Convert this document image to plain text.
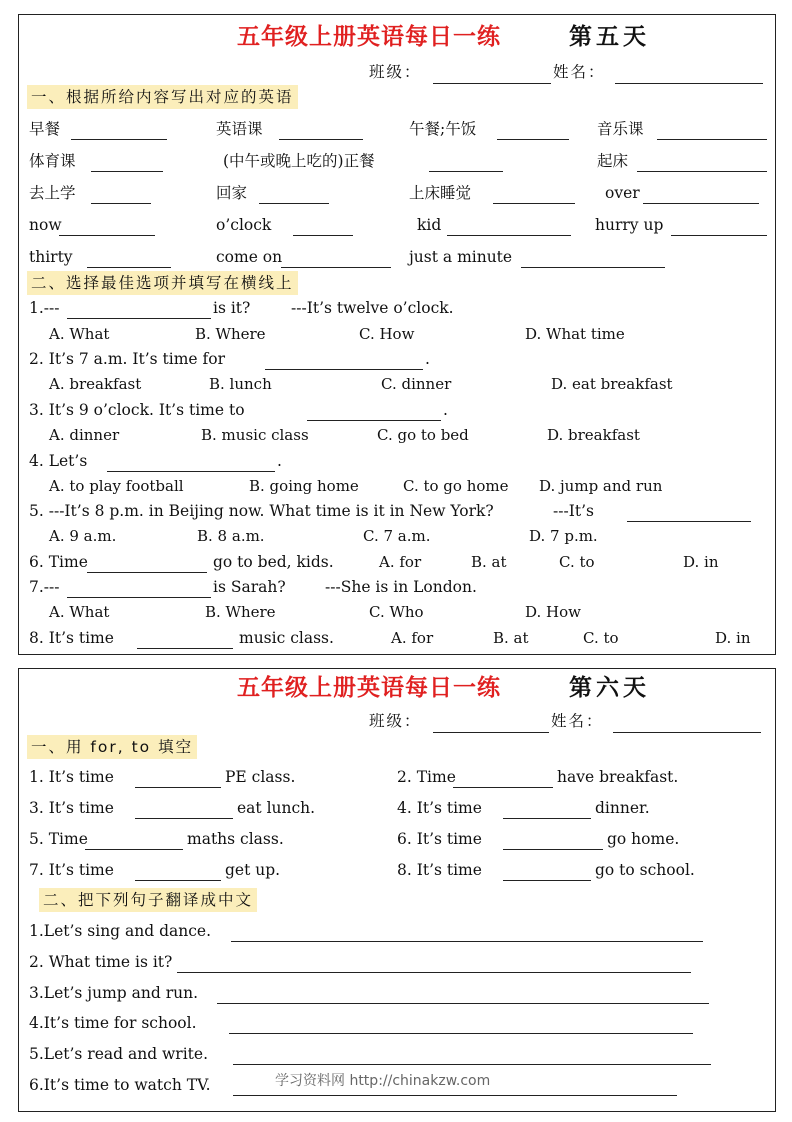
五年级上册英语每日一练	第五天
班级：	姓名：
一、根据所给内容写出对应的英语
早餐	英语课	午餐;午饭	音乐课
体育课	(中午或晚上吃的)正餐	起床
去上学	回家	上床睡觉	over
now	o’clock	kid	hurry up
thirty	come on	just a minute
二、选择最佳选项并填写在横线上
1.---	is it?	---It’s twelve o’clock.
A. What	B. Where	C. How	D. What time
2. It’s 7 a.m. It’s time for	.
A. breakfast	B. lunch	C. dinner	D. eat breakfast
3. It’s 9 o’clock. It’s time to	.
A. dinner	B. music class	C. go to bed	D. breakfast
4. Let’s	.
A. to play football	B. going home	C. to go home D. jump and run
5. ---It’s 8 p.m. in Beijing now. What time is it in New York?	---It’s
A. 9 a.m.	B. 8 a.m.	C. 7 a.m.	D. 7 p.m.
6. Time	go to bed, kids.	A. for	B. at	C. to	D. in
7.---	is Sarah?	---She is in London.
A. What	B. Where	C. Who	D. How
8. It’s time	music class.	A. for	B. at	C. to	D. in
五年级上册英语每日一练	第六天
班级：	姓名：
一、用 for, to 填空
1. It’s time	PE class.	2. Time	have breakfast.
3. It’s time	eat lunch.	4. It’s time	dinner.
5. Time	maths class.	6. It’s time	go home.
7. It’s time	get up.	8. It’s time	go to school.
二、把下列句子翻译成中文
1.Let’s sing and dance.
2. What time is it?
3.Let’s jump and run.
4.It’s time for school.
5.Let’s read and write.
6.It’s time to watch TV.	学习资料网 http://chinakzw.com
